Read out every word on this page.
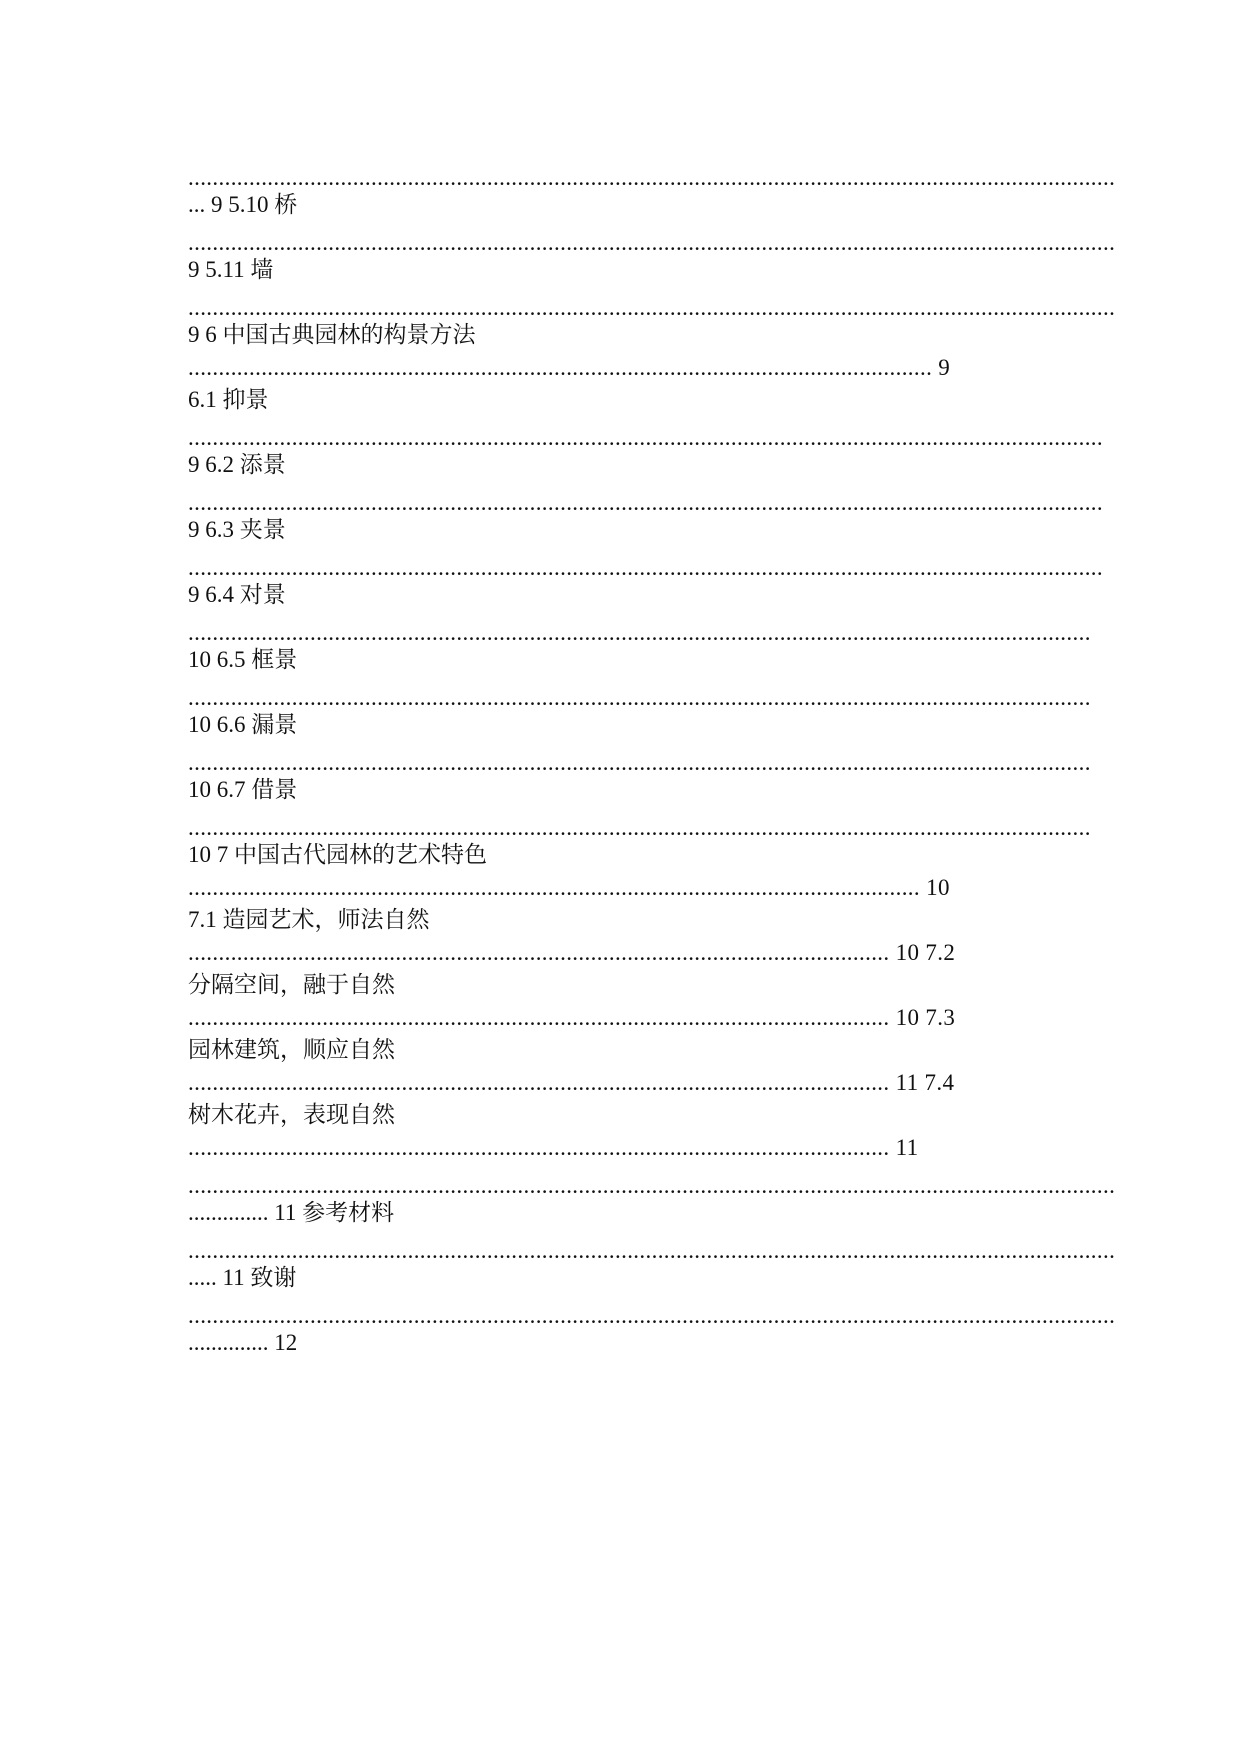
........................................................................................................................................................
... 9 5.10 桥
........................................................................................................................................................
9 5.11 墙
........................................................................................................................................................
9 6 中国古典园林的构景方法
.......................................................................................................................... 9
6.1 抑景
......................................................................................................................................................
9 6.2 添景
......................................................................................................................................................
9 6.3 夹景
......................................................................................................................................................
9 6.4 对景
....................................................................................................................................................
10 6.5 框景
....................................................................................................................................................
10 6.6 漏景
....................................................................................................................................................
10 6.7 借景
....................................................................................................................................................
10 7 中国古代园林的艺术特色
........................................................................................................................ 10
7.1 造园艺术，师法自然
................................................................................................................... 10 7.2
分隔空间，融于自然
................................................................................................................... 10 7.3
园林建筑，顺应自然
................................................................................................................... 11 7.4
树木花卉，表现自然
................................................................................................................... 11
........................................................................................................................................................
.............. 11 参考材料
........................................................................................................................................................
..... 11 致谢
........................................................................................................................................................
.............. 12
